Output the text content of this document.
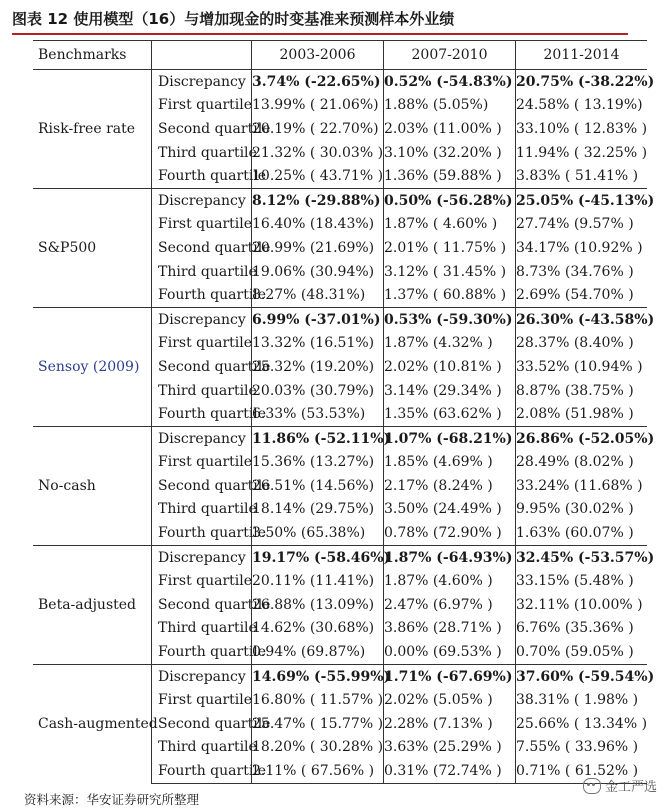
图表 12 使用模型（16）与增加现金的时变基准来预测样本外业绩
Benchmarks		2003-2006	2007-2010	2011-2014
Risk-free rate	Discrepancy	3.74% (-22.65%)	0.52% (-54.83%)	20.75% (-38.22%)
	First quartile	13.99% ( 21.06%)	1.88% (5.05%)	24.58% ( 13.19%)
	Second quartile	20.19% ( 22.70%)	2.03% (11.00% )	33.10% ( 12.83% )
	Third quartile	21.32% ( 30.03% )	3.10% (32.20% )	11.94% ( 32.25% )
	Fourth quartile	10.25% ( 43.71% )	1.36% (59.88% )	3.83% ( 51.41% )
S&P500	Discrepancy	8.12% (-29.88%)	0.50% (-56.28%)	25.05% (-45.13%)
	First quartile	16.40% (18.43%)	1.87% ( 4.60% )	27.74% (9.57% )
	Second quartile	20.99% (21.69%)	2.01% ( 11.75% )	34.17% (10.92% )
	Third quartile	19.06% (30.94%)	3.12% ( 31.45% )	8.73% (34.76% )
	Fourth quartile	8.27% (48.31%)	1.37% ( 60.88% )	2.69% (54.70% )
Sensoy (2009)	Discrepancy	6.99% (-37.01%)	0.53% (-59.30%)	26.30% (-43.58%)
	First quartile	13.32% (16.51%)	1.87% (4.32% )	28.37% (8.40% )
	Second quartile	25.32% (19.20%)	2.02% (10.81% )	33.52% (10.94% )
	Third quartile	20.03% (30.79%)	3.14% (29.34% )	8.87% (38.75% )
	Fourth quartile	6.33% (53.53%)	1.35% (63.62% )	2.08% (51.98% )
No-cash	Discrepancy	11.86% (-52.11%)	1.07% (-68.21%)	26.86% (-52.05%)
	First quartile	15.36% (13.27%)	1.85% (4.69% )	28.49% (8.02% )
	Second quartile	26.51% (14.56%)	2.17% (8.24% )	33.24% (11.68% )
	Third quartile	18.14% (29.75%)	3.50% (24.49% )	9.95% (30.02% )
	Fourth quartile	3.50% (65.38%)	0.78% (72.90% )	1.63% (60.07% )
Beta-adjusted	Discrepancy	19.17% (-58.46%)	1.87% (-64.93%)	32.45% (-53.57%)
	First quartile	20.11% (11.41%)	1.87% (4.60% )	33.15% (5.48% )
	Second quartile	26.88% (13.09%)	2.47% (6.97% )	32.11% (10.00% )
	Third quartile	14.62% (30.68%)	3.86% (28.71% )	6.76% (35.36% )
	Fourth quartile	0.94% (69.87%)	0.00% (69.53% )	0.70% (59.05% )
Cash-augmented	Discrepancy	14.69% (-55.99%)	1.71% (-67.69%)	37.60% (-59.54%)
	First quartile	16.80% ( 11.57% )	2.02% (5.05% )	38.31% ( 1.98% )
	Second quartile	25.47% ( 15.77% )	2.28% (7.13% )	25.66% ( 13.34% )
	Third quartile	18.20% ( 30.28% )	3.63% (25.29% )	7.55% ( 33.96% )
	Fourth quartile	2.11% ( 67.56% )	0.31% (72.74% )	0.71% ( 61.52% )
资料来源：华安证券研究所整理
金工严选
